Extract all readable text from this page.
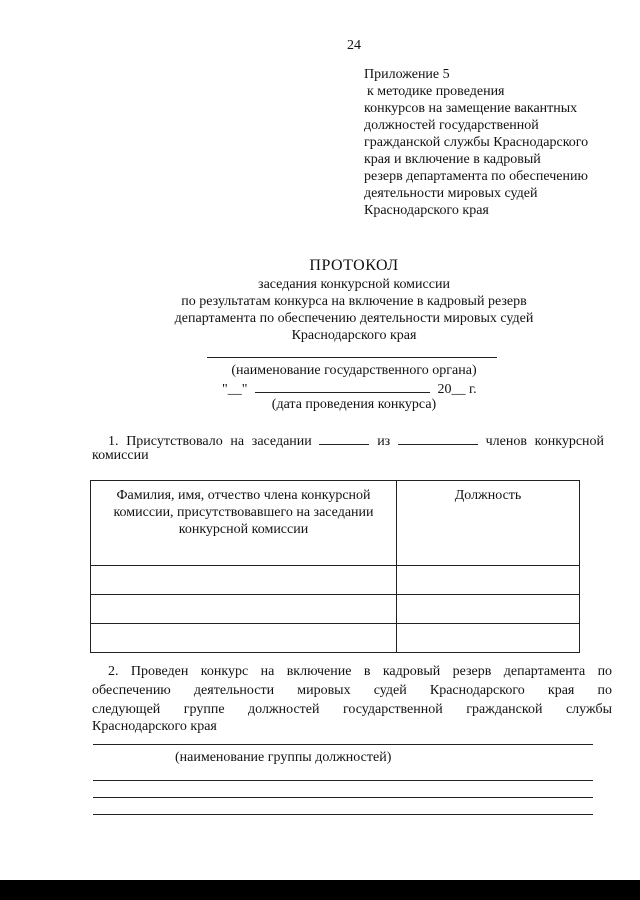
24
Приложение 5
к методике проведения
конкурсов на замещение вакантных
должностей государственной
гражданской службы Краснодарского
края и включение в кадровый
резерв департамента по обеспечению
деятельности мировых судей
Краснодарского края
ПРОТОКОЛ
заседания конкурсной комиссии
по результатам конкурса на включение в кадровый резерв
департамента по обеспечению деятельности мировых судей
Краснодарского края
(наименование государственного органа)
"__"	20__ г.
(дата проведения конкурса)
1. Присутствовало на заседании	из	членов конкурсной
комиссии
Фамилия, имя, отчество члена конкурсной комиссии, присутствовавшего на заседании конкурсной комиссии	Должность

2. Проведен конкурс на включение в кадровый резерв департамента по
обеспечению деятельности мировых судей Краснодарского края по
следующей группе должностей государственной гражданской службы
Краснодарского края
(наименование группы должностей)
